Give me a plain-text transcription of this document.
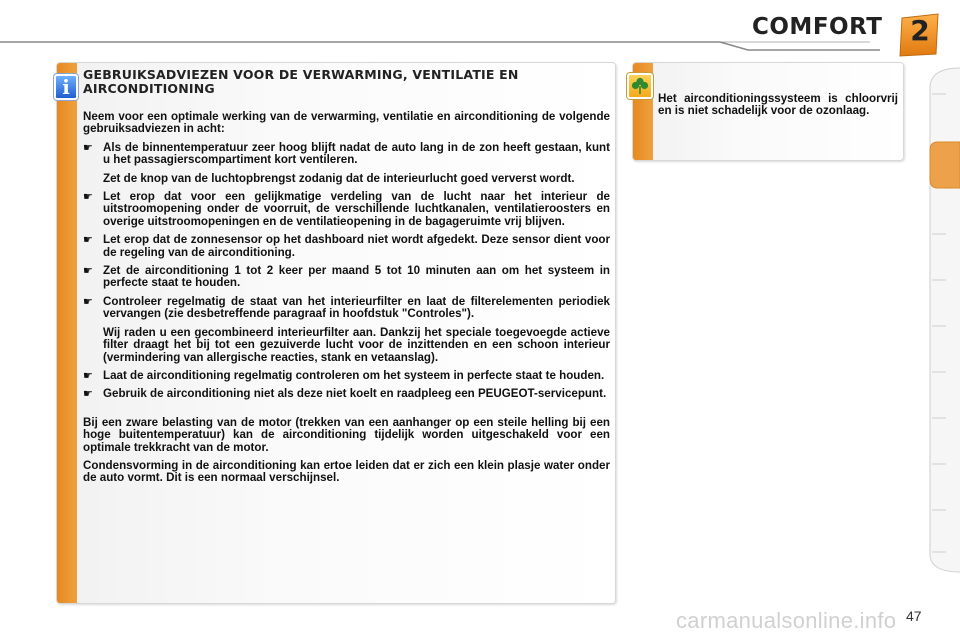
COMFORT 2
i
GEBRUIKSADVIEZEN VOOR DE VERWARMING, VENTILATIE EN AIRCONDITIONING
Neem voor een optimale werking van de verwarming, ventilatie en airconditioning de volgende gebruiksadviezen in acht:
☛ Als de binnentemperatuur zeer hoog blijft nadat de auto lang in de zon heeft gestaan, kunt u het passagierscompartiment kort ventileren.
Zet de knop van de luchtopbrengst zodanig dat de interieurlucht goed ververst wordt.
☛ Let erop dat voor een gelijkmatige verdeling van de lucht naar het interieur de uitstroomopening onder de voorruit, de verschillende luchtkanalen, ventilatieroosters en overige uitstroomopeningen en de ventilatieopening in de bagageruimte vrij blijven.
☛ Let erop dat de zonnesensor op het dashboard niet wordt afgedekt. Deze sensor dient voor de regeling van de airconditioning.
☛ Zet de airconditioning 1 tot 2 keer per maand 5 tot 10 minuten aan om het systeem in perfecte staat te houden.
☛ Controleer regelmatig de staat van het interieurfilter en laat de filterelementen periodiek vervangen (zie desbetreffende paragraaf in hoofdstuk "Controles").
Wij raden u een gecombineerd interieurfilter aan. Dankzij het speciale toegevoegde actieve filter draagt het bij tot een gezuiverde lucht voor de inzittenden en een schoon interieur (vermindering van allergische reacties, stank en vetaanslag).
☛ Laat de airconditioning regelmatig controleren om het systeem in perfecte staat te houden.
☛ Gebruik de airconditioning niet als deze niet koelt en raadpleeg een PEUGEOT-servicepunt.
Bij een zware belasting van de motor (trekken van een aanhanger op een steile helling bij een hoge buitentemperatuur) kan de airconditioning tijdelijk worden uitgeschakeld voor een optimale trekkracht van de motor.
Condensvorming in de airconditioning kan ertoe leiden dat er zich een klein plasje water onder de auto vormt. Dit is een normaal verschijnsel.
Het airconditioningssysteem is chloorvrij en is niet schadelijk voor de ozonlaag.
carmanualsonline.info 47
